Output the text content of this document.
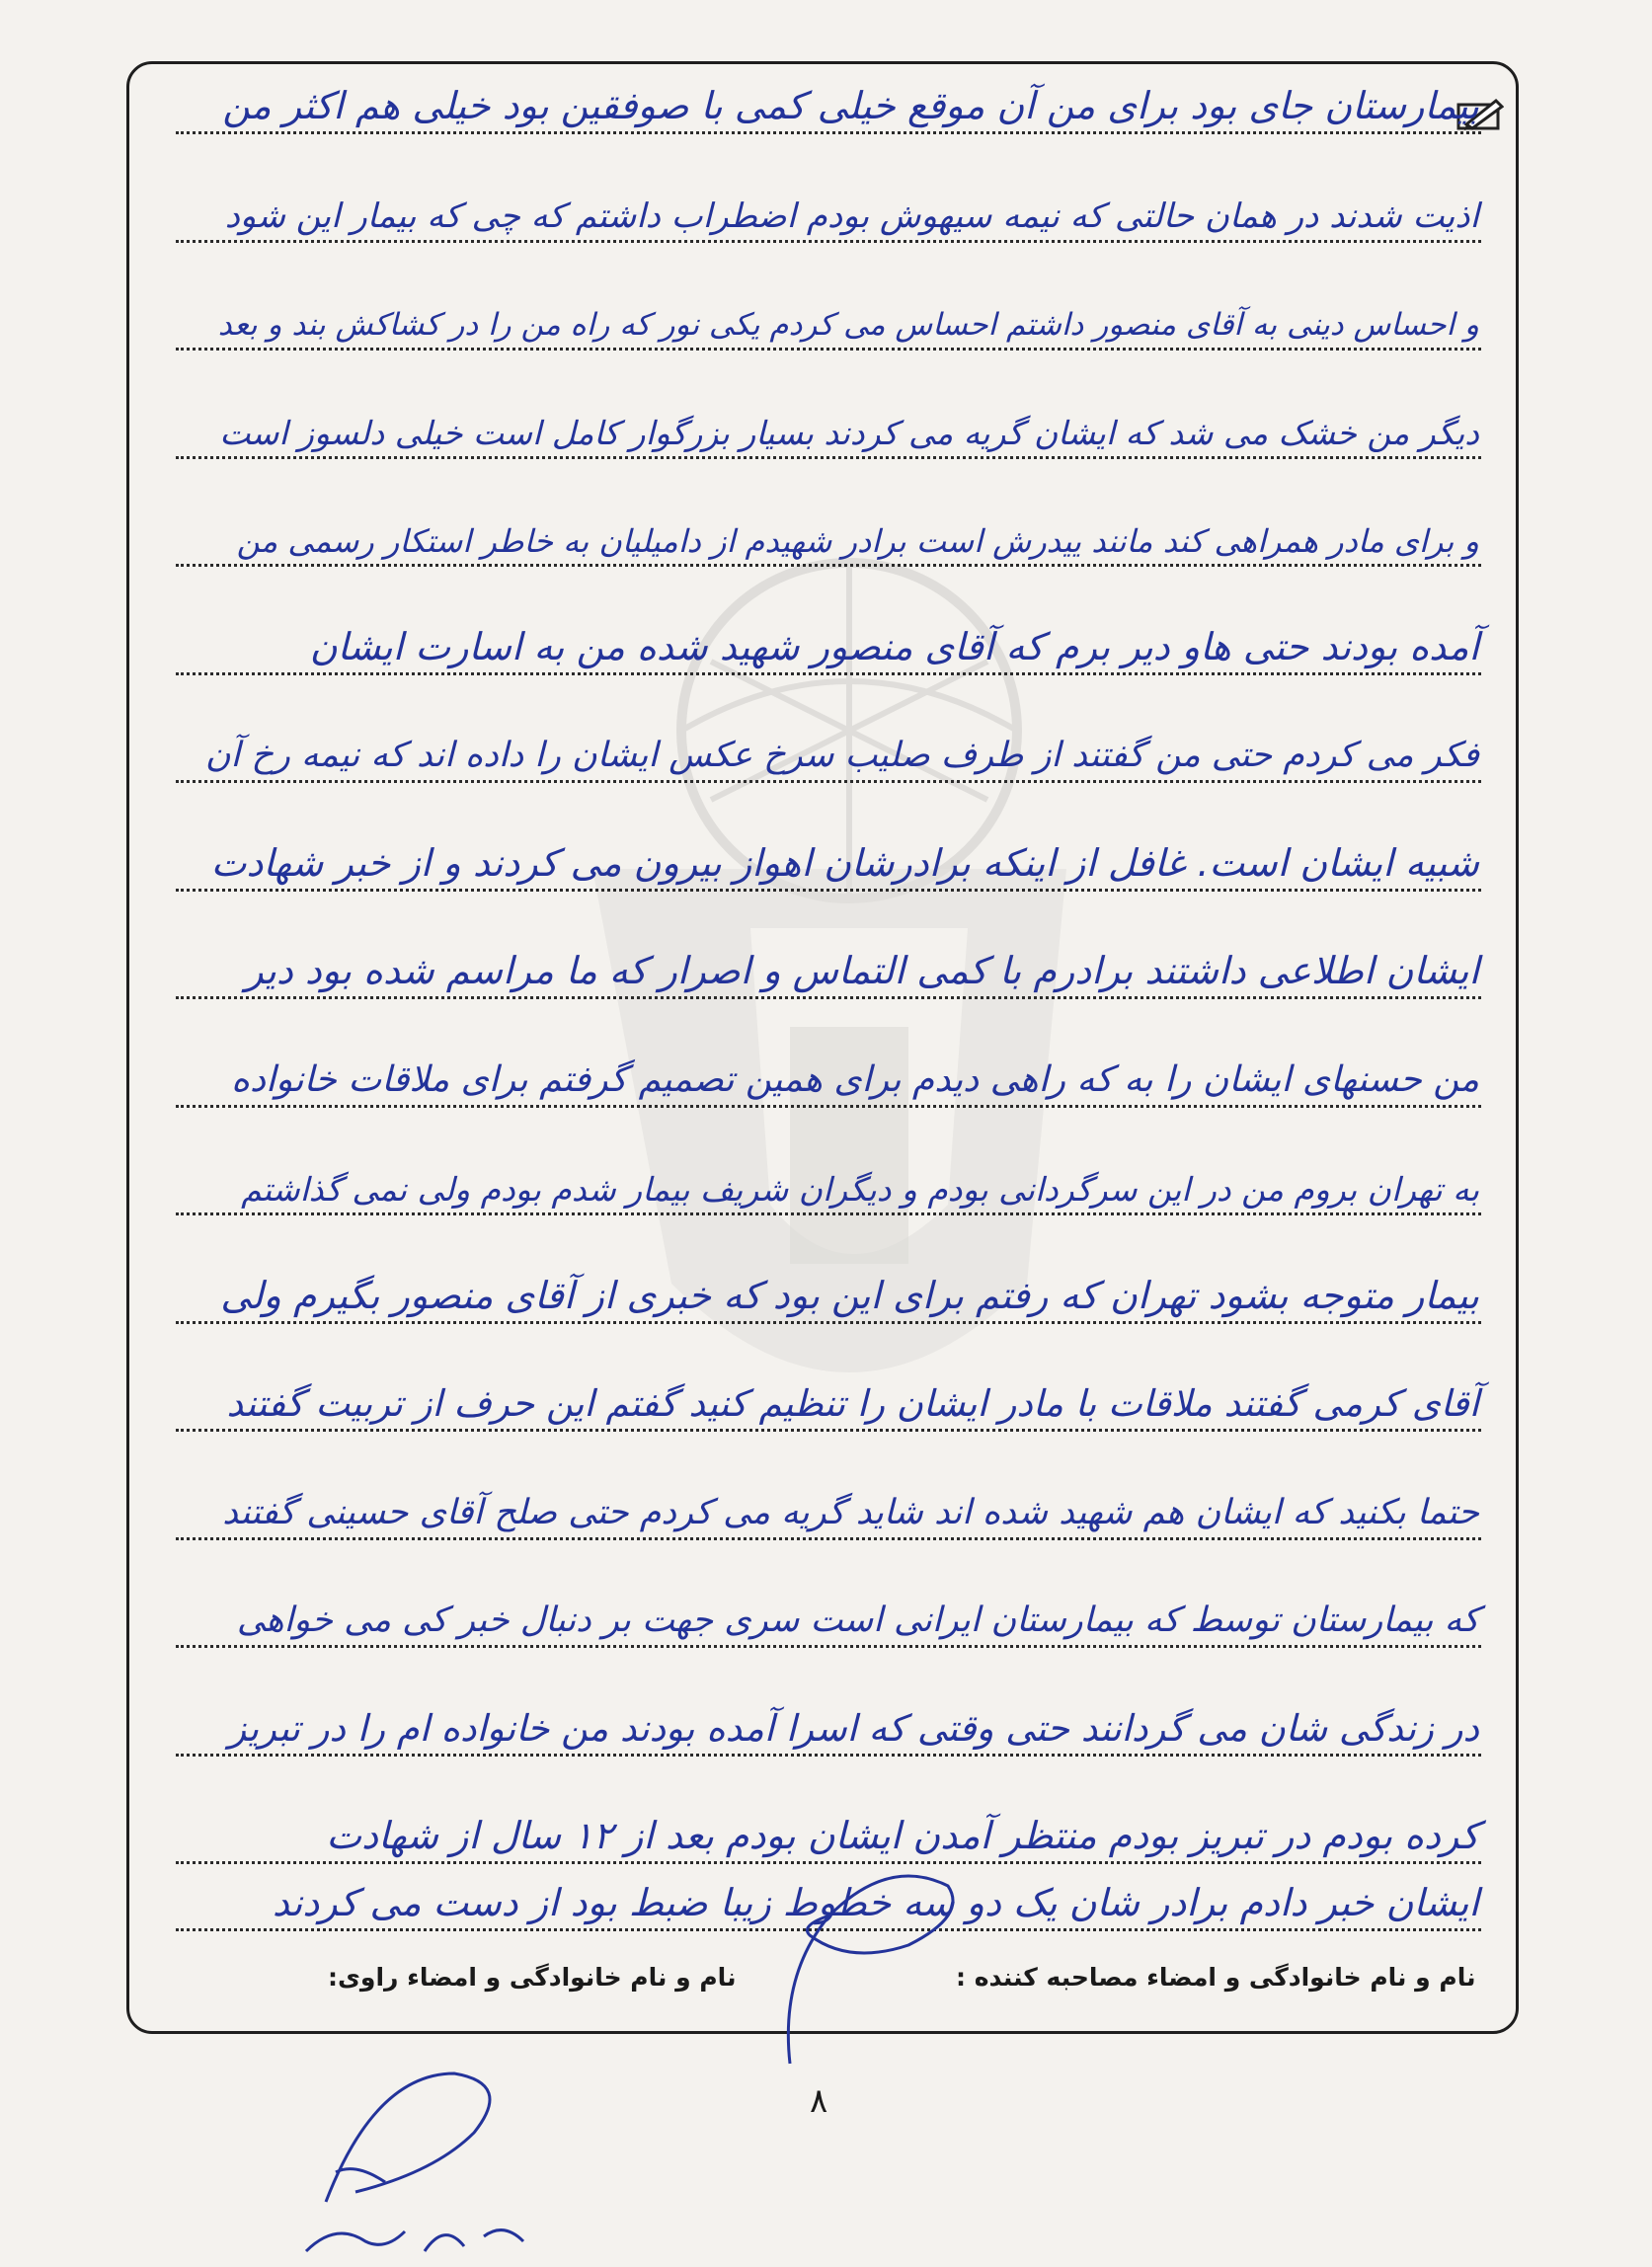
بیمارستان جای بود برای من آن موقع خیلی کمی با صوفقین بود خیلی هم اکثر من
اذیت شدند در همان حالتی که نیمه سیهوش بودم اضطراب داشتم که چی که بیمار این شود
و احساس دینی به آقای منصور داشتم احساس می کردم یکی نور که راه من را در کشاکش بند و بعد
دیگر من خشک می شد که ایشان گریه می کردند بسیار بزرگوار کامل است خیلی دلسوز است
و برای مادر همراهی کند مانند ییدرش است برادر شهیدم از دامیلیان به خاطر استکار رسمی من
آمده بودند حتی هاو دیر برم که آقای منصور شهید شده من به اسارت ایشان
فکر می کردم حتی من گفتند از طرف صلیب سرخ عکس ایشان را داده اند که نیمه رخ آن
شبیه ایشان است. غافل از اینکه برادرشان اهواز بیرون می کردند و از خبر شهادت
ایشان اطلاعی داشتند برادرم با کمی التماس و اصرار که ما مراسم شده بود دیر
من حسنهای ایشان را به که راهی دیدم برای همین تصمیم گرفتم برای ملاقات خانواده
به تهران بروم من در این سرگردانی بودم و دیگران شریف بیمار شدم بودم ولی نمی گذاشتم
بیمار متوجه بشود تهران که رفتم برای این بود که خبری از آقای منصور بگیرم ولی
آقای کرمی گفتند ملاقات با مادر ایشان را تنظیم کنید گفتم این حرف از تربیت گفتند
حتما بکنید که ایشان هم شهید شده اند شاید گریه می کردم حتی صلح آقای حسینی گفتند
که بیمارستان توسط که بیمارستان ایرانی است سری جهت بر دنبال خبر کی می خواهی
در زندگی شان می گردانند حتی وقتی که اسرا آمده بودند من خانواده ام را در تبریز
کرده بودم در تبریز بودم منتظر آمدن ایشان بودم بعد از ۱۲ سال از شهادت
ایشان خبر دادم برادر شان یک دو سه خطوط زیبا ضبط بود از دست می کردند
نام و نام خانوادگی و امضاء مصاحبه کننده :
نام و نام خانوادگی و امضاء راوی:
۸
